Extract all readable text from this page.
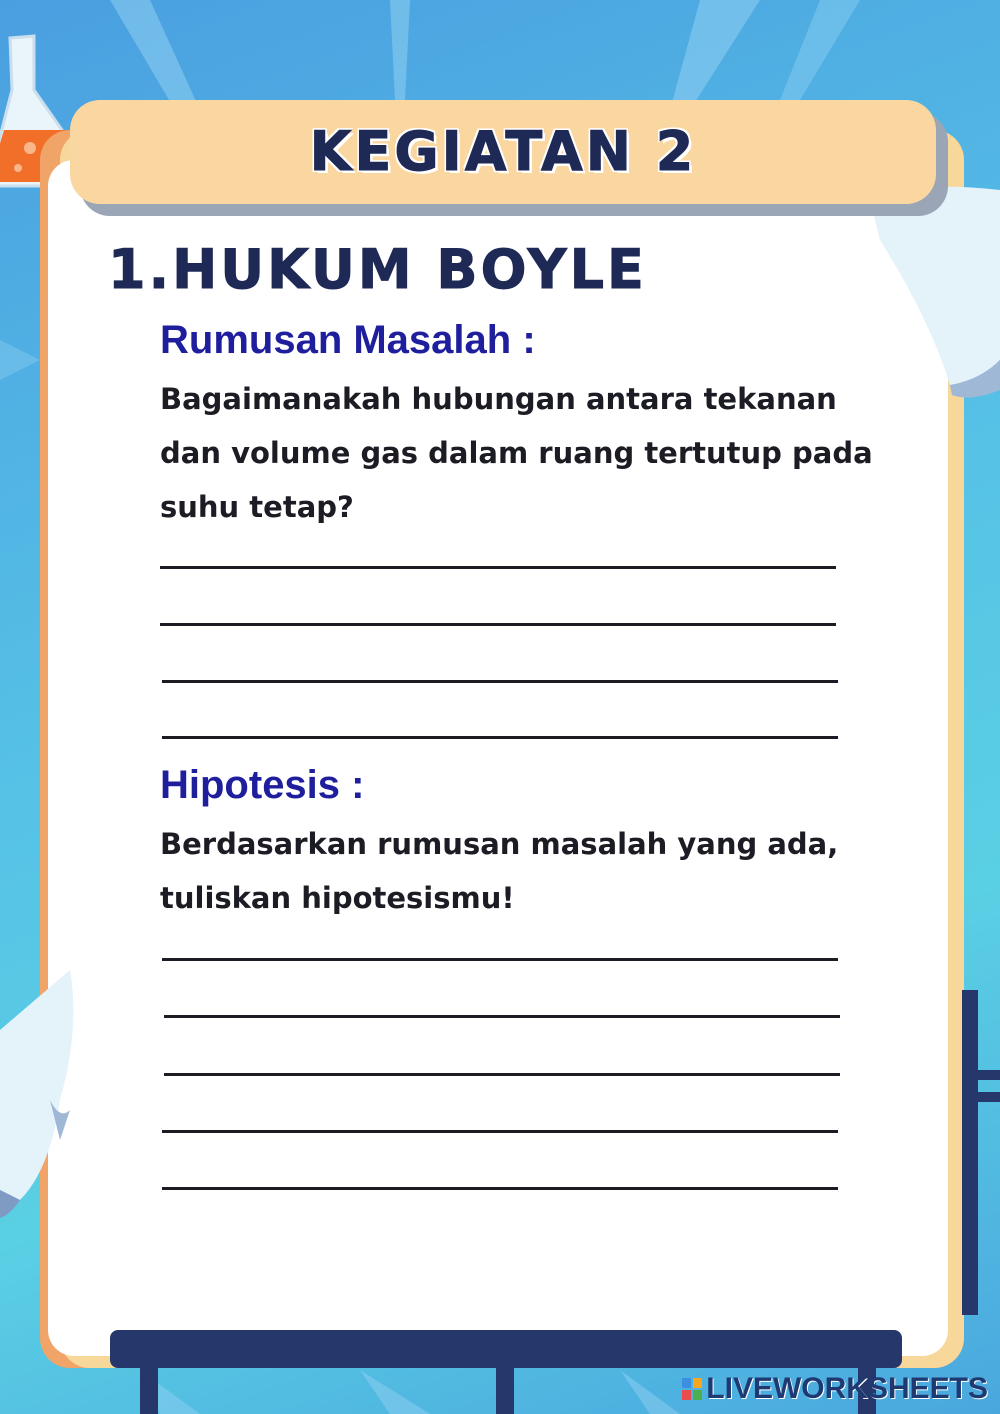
KEGIATAN 2
1.HUKUM BOYLE
Rumusan Masalah :
Bagaimanakah hubungan antara tekanan dan volume gas dalam ruang tertutup pada suhu tetap?
Hipotesis :
Berdasarkan rumusan masalah yang ada, tuliskan hipotesismu!
LIVEWORKSHEETS
